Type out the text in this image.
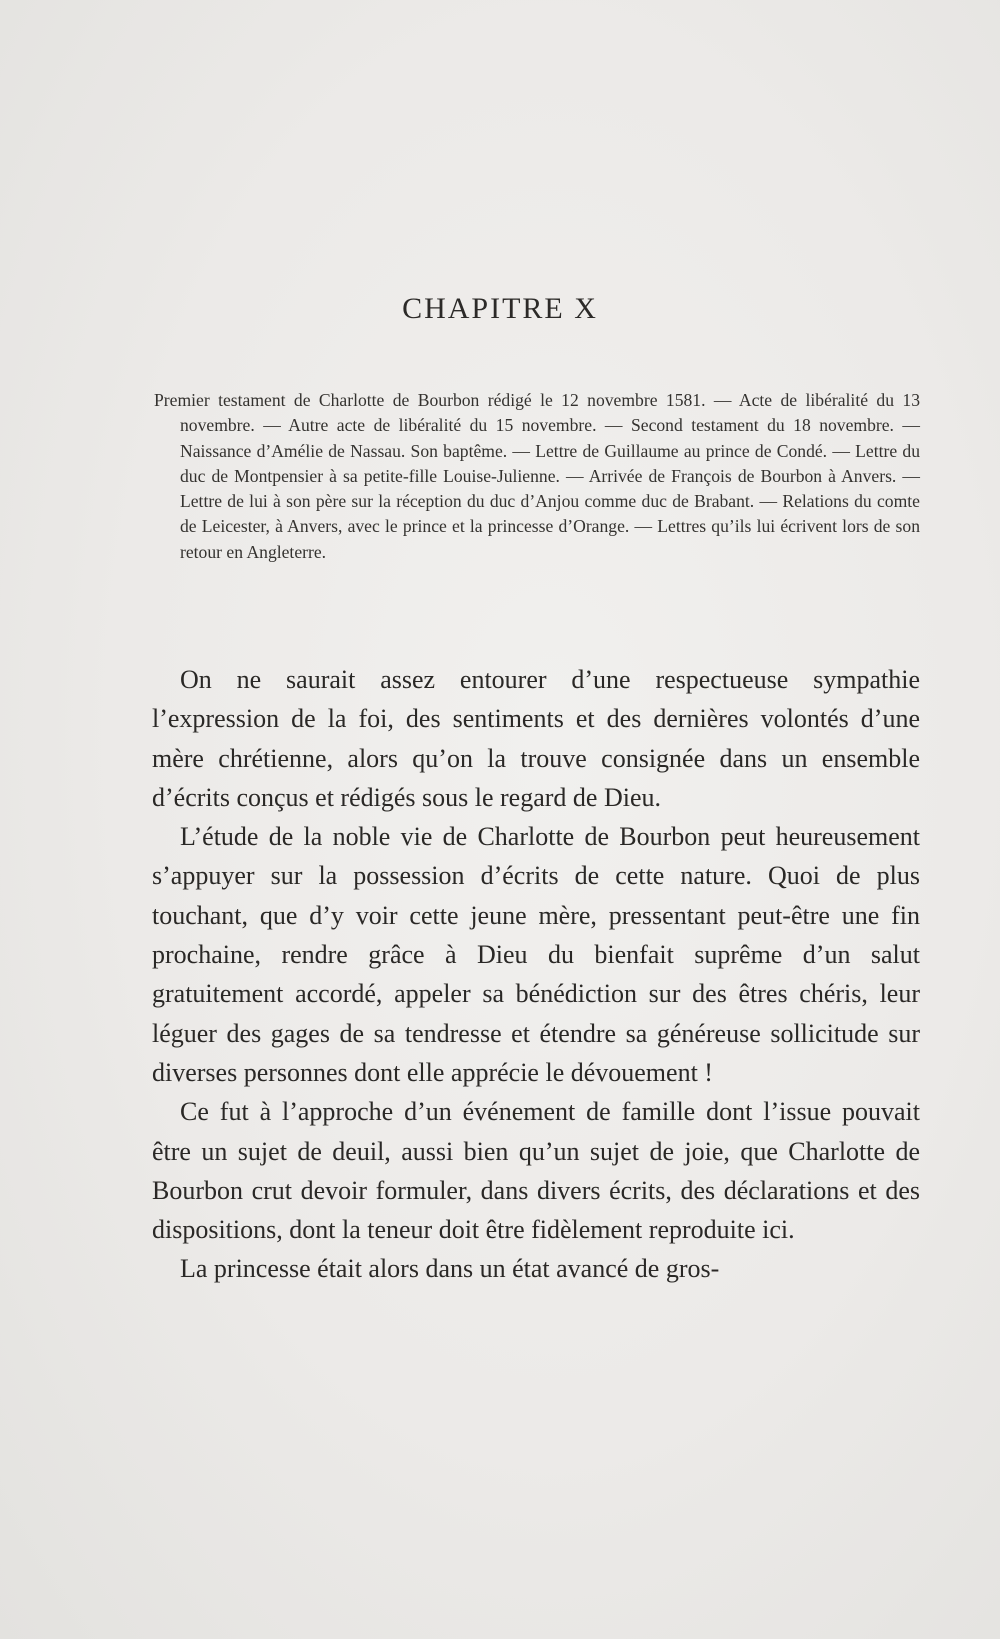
CHAPITRE X

Premier testament de Charlotte de Bourbon rédigé le 12 novembre 1581. — Acte de libéralité du 13 novembre. — Autre acte de libéralité du 15 novembre. — Second testament du 18 novembre. — Naissance d’Amélie de Nassau. Son baptême. — Lettre de Guillaume au prince de Condé. — Lettre du duc de Montpensier à sa petite-fille Louise-Julienne. — Arrivée de François de Bourbon à Anvers. — Lettre de lui à son père sur la réception du duc d’Anjou comme duc de Brabant. — Relations du comte de Leicester, à Anvers, avec le prince et la princesse d’Orange. — Lettres qu’ils lui écrivent lors de son retour en Angleterre.

On ne saurait assez entourer d’une respectueuse sympathie l’expression de la foi, des sentiments et des dernières volontés d’une mère chrétienne, alors qu’on la trouve consignée dans un ensemble d’écrits conçus et rédigés sous le regard de Dieu.

L’étude de la noble vie de Charlotte de Bourbon peut heureusement s’appuyer sur la possession d’écrits de cette nature. Quoi de plus touchant, que d’y voir cette jeune mère, pressentant peut-être une fin prochaine, rendre grâce à Dieu du bienfait suprême d’un salut gratuitement accordé, appeler sa bénédiction sur des êtres chéris, leur léguer des gages de sa tendresse et étendre sa généreuse sollicitude sur diverses personnes dont elle apprécie le dévouement !

Ce fut à l’approche d’un événement de famille dont l’issue pouvait être un sujet de deuil, aussi bien qu’un sujet de joie, que Charlotte de Bourbon crut devoir formuler, dans divers écrits, des déclarations et des dispositions, dont la teneur doit être fidèlement reproduite ici.

La princesse était alors dans un état avancé de gros-
